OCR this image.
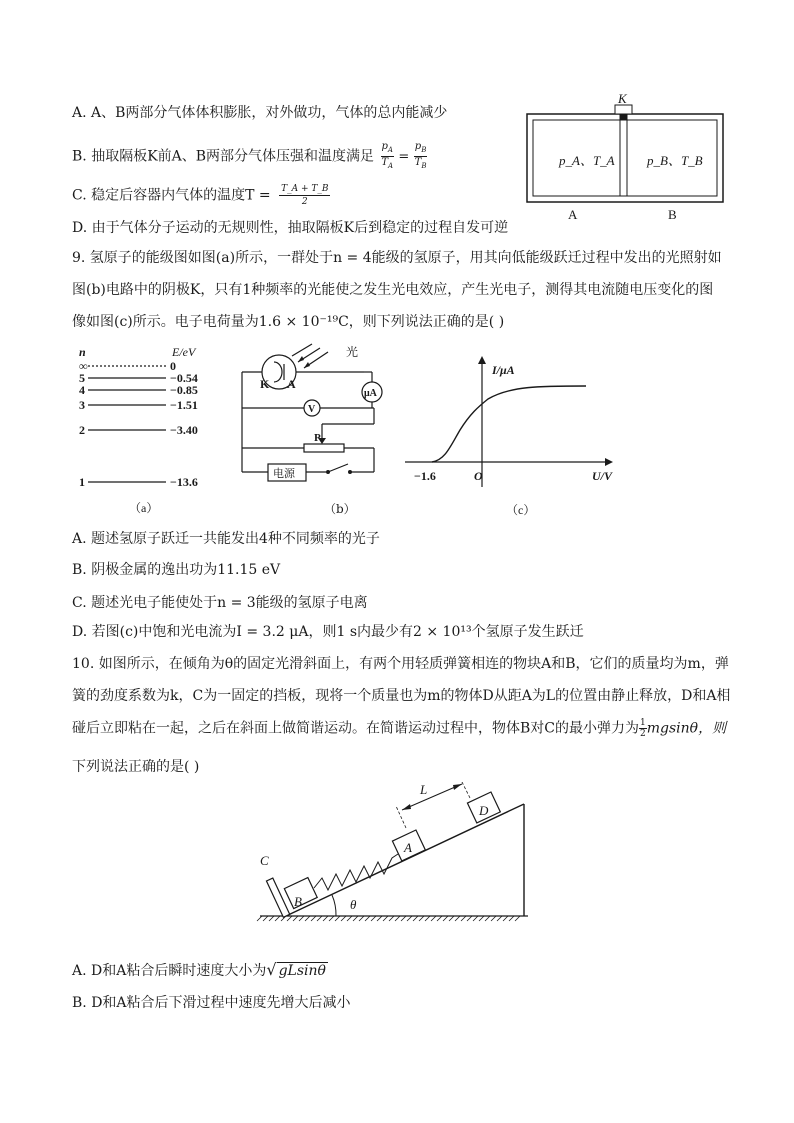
A. A、B两部分气体体积膨胀，对外做功，气体的总内能减少
B. 抽取隔板K前A、B两部分气体压强和温度满足 $\frac{p_A}{T_A} = \frac{p_B}{T_B}$
C. 稳定后容器内气体的温度$T = \frac{T\_A + T\_B}{2}$
D. 由于气体分子运动的无规则性，抽取隔板K后到稳定的过程自发可逆
K
p_A、T_A p_B、T_B
A	B
9. 氢原子的能级图如图(a)所示，一群处于n = 4能级的氢原子，用其向低能级跃迁过程中发出的光照射如
图(b)电路中的阴极K，只有1种频率的光能使之发生光电效应，产生光电子，测得其电流随电压变化的图
像如图(c)所示。电子电荷量为1.6 × 10⁻¹⁹C，则下列说法正确的是( )
n	E/eV
∞	0
5	−0.54
4	−0.85
3	−1.51
2	−3.40
1	−13.6
（a）
光
K A
V
μA
P
电源
（b）
I/μA
U/V
−1.6	O
（c）
A. 题述氢原子跃迁一共能发出4种不同频率的光子
B. 阴极金属的逸出功为11.15 eV
C. 题述光电子能使处于n = 3能级的氢原子电离
D. 若图(c)中饱和光电流为I = 3.2 μA，则1 s内最少有2 × 10¹³个氢原子发生跃迁
10. 如图所示，在倾角为θ的固定光滑斜面上，有两个用轻质弹簧相连的物块A和B，它们的质量均为m，弹
簧的劲度系数为k，C为一固定的挡板，现将一个质量也为m的物体D从距A为L的位置由静止释放，D和A相
碰后立即粘在一起，之后在斜面上做简谐运动。在简谐运动过程中，物体B对C的最小弹力为 $\frac{1}{2}$ mgsinθ，则
下列说法正确的是( )
C
B
A
D
L
θ
A. D和A粘合后瞬时速度大小为√ gLsinθ
B. D和A粘合后下滑过程中速度先增大后减小
